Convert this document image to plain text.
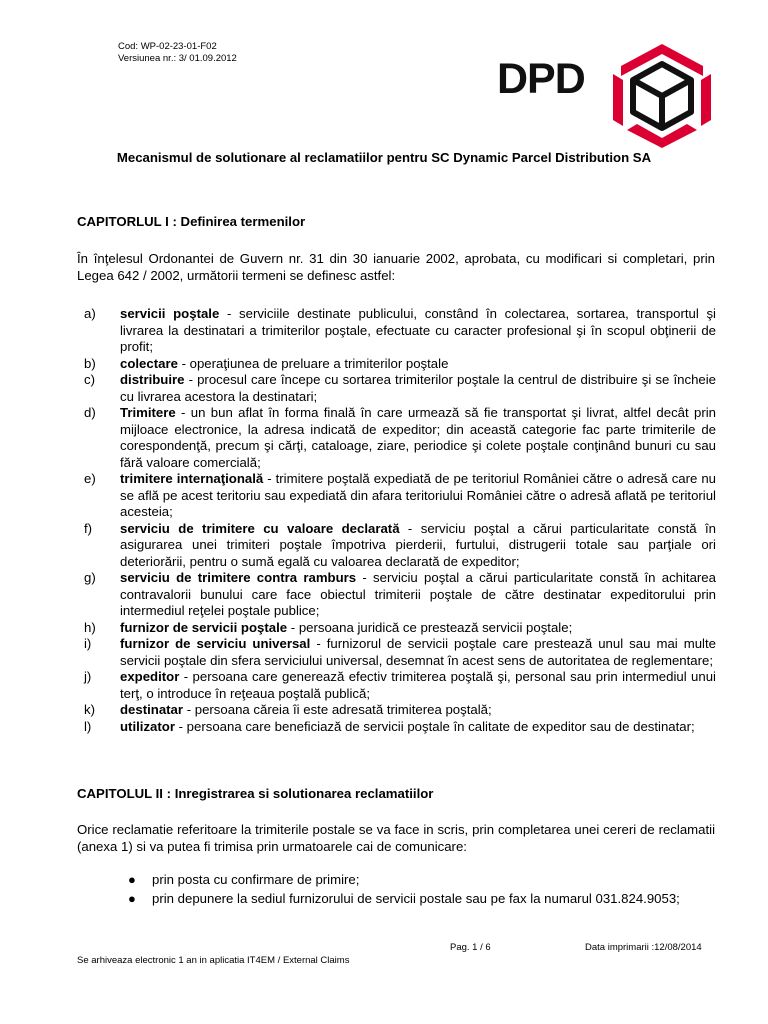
Cod: WP-02-23-01-F02
Versiunea nr.: 3/ 01.09.2012	DPD
Mecanismul de solutionare al reclamatiilor pentru SC Dynamic Parcel Distribution SA
CAPITORLUL I : Definirea termenilor
În înţelesul Ordonantei de Guvern nr. 31 din 30 ianuarie 2002, aprobata, cu modificari si completari, prin Legea 642 / 2002, următorii termeni se definesc astfel:
a)	servicii poştale - serviciile destinate publicului, constând în colectarea, sortarea, transportul şi livrarea la destinatari a trimiterilor poştale, efectuate cu caracter profesional şi în scopul obţinerii de profit;
b)	colectare - operaţiunea de preluare a trimiterilor poştale
c)	distribuire - procesul care începe cu sortarea trimiterilor poştale la centrul de distribuire şi se încheie cu livrarea acestora la destinatari;
d)	Trimitere - un bun aflat în forma finală în care urmează să fie transportat şi livrat, altfel decât prin mijloace electronice, la adresa indicată de expeditor; din această categorie fac parte trimiterile de corespondenţă, precum şi cărţi, cataloage, ziare, periodice şi colete poştale conţinând bunuri cu sau fără valoare comercială;
e)	trimitere internaţională - trimitere poştală expediată de pe teritoriul României către o adresă care nu se află pe acest teritoriu sau expediată din afara teritoriului României către o adresă aflată pe teritoriul acesteia;
f)	serviciu de trimitere cu valoare declarată - serviciu poştal a cărui particularitate constă în asigurarea unei trimiteri poştale împotriva pierderii, furtului, distrugerii totale sau parţiale ori deteriorării, pentru o sumă egală cu valoarea declarată de expeditor;
g)	serviciu de trimitere contra ramburs - serviciu poştal a cărui particularitate constă în achitarea contravalorii bunului care face obiectul trimiterii poştale de către destinatar expeditorului prin intermediul reţelei poştale publice;
h)	furnizor de servicii poştale - persoana juridică ce prestează servicii poştale;
i)	furnizor de serviciu universal - furnizorul de servicii poştale care prestează unul sau mai multe servicii poştale din sfera serviciului universal, desemnat în acest sens de autoritatea de reglementare;
j)	expeditor - persoana care generează efectiv trimiterea poştală şi, personal sau prin intermediul unui terţ, o introduce în reţeaua poştală publică;
k)	destinatar - persoana căreia îi este adresată trimiterea poştală;
l)	utilizator - persoana care beneficiază de servicii poştale în calitate de expeditor sau de destinatar;
CAPITOLUL II : Inregistrarea si solutionarea reclamatiilor
Orice reclamatie referitoare la trimiterile postale se va face in scris, prin completarea unei cereri de reclamatii (anexa 1) si va putea fi trimisa prin urmatoarele cai de comunicare:
●	prin posta cu confirmare de primire;
●	prin depunere la sediul furnizorului de servicii postale sau pe fax la numarul 031.824.9053;
Pag. 1 / 6	Data imprimarii :12/08/2014
Se arhiveaza electronic 1 an in aplicatia IT4EM / External Claims
